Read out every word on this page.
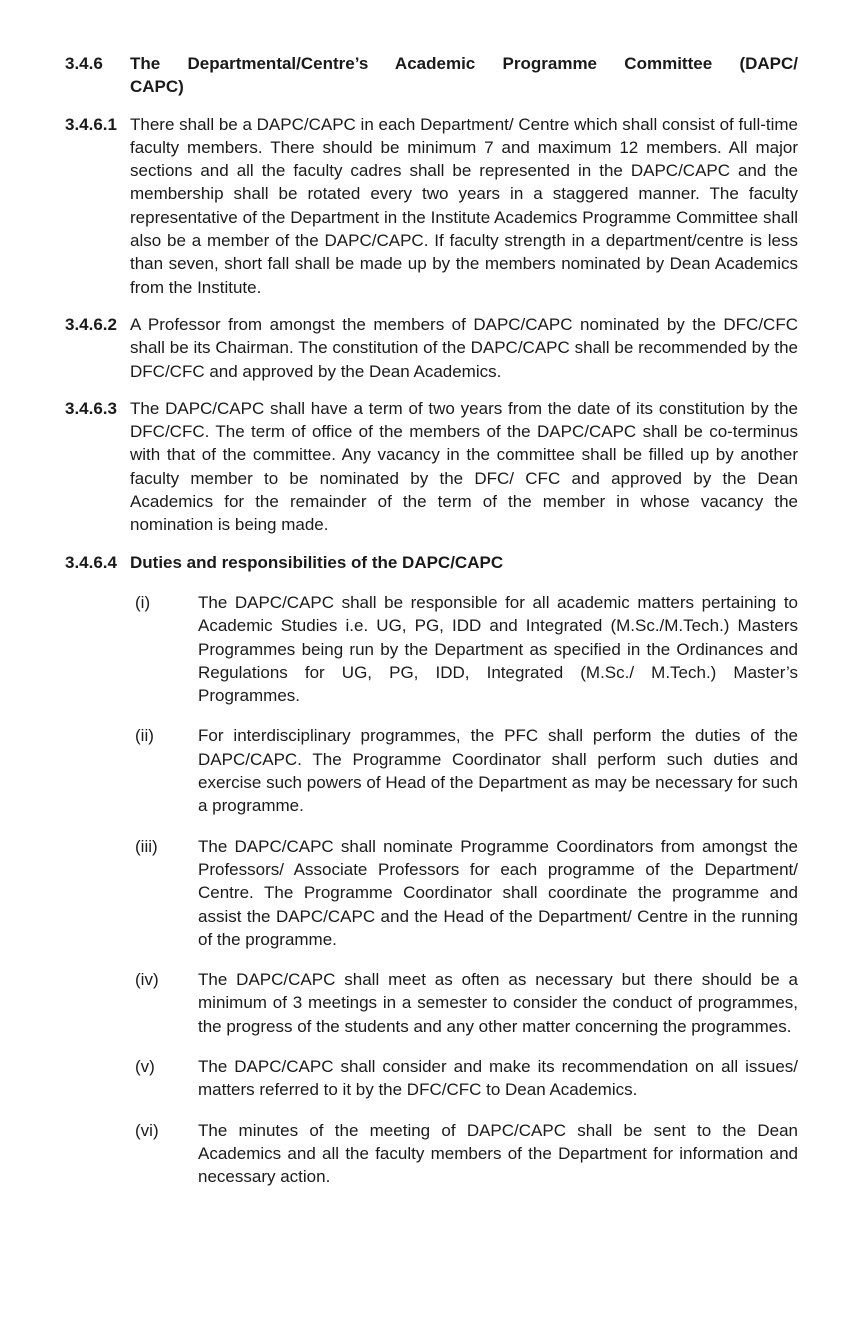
3.4.6	The Departmental/Centre’s Academic Programme Committee (DAPC/
CAPC)
3.4.6.1 There shall be a DAPC/CAPC in each Department/ Centre which shall consist of full-time faculty members. There should be minimum 7 and maximum 12 members. All major sections and all the faculty cadres shall be represented in the DAPC/CAPC and the membership shall be rotated every two years in a staggered manner. The faculty representative of the Department in the Institute Academics Programme Committee shall also be a member of the DAPC/CAPC. If faculty strength in a department/centre is less than seven, short fall shall be made up by the members nominated by Dean Academics from the Institute.
3.4.6.2 A Professor from amongst the members of DAPC/CAPC nominated by the DFC/CFC shall be its Chairman. The constitution of the DAPC/CAPC shall be recommended by the DFC/CFC and approved by the Dean Academics.
3.4.6.3 The DAPC/CAPC shall have a term of two years from the date of its constitution by the DFC/CFC. The term of office of the members of the DAPC/CAPC shall be co-terminus with that of the committee. Any vacancy in the committee shall be filled up by another faculty member to be nominated by the DFC/ CFC and approved by the Dean Academics for the remainder of the term of the member in whose vacancy the nomination is being made.
3.4.6.4 Duties and responsibilities of the DAPC/CAPC
(i)	The DAPC/CAPC shall be responsible for all academic matters pertaining to Academic Studies i.e. UG, PG, IDD and Integrated (M.Sc./M.Tech.) Masters Programmes being run by the Department as specified in the Ordinances and Regulations for UG, PG, IDD, Integrated (M.Sc./ M.Tech.) Master’s Programmes.
(ii)	For interdisciplinary programmes, the PFC shall perform the duties of the DAPC/CAPC. The Programme Coordinator shall perform such duties and exercise such powers of Head of the Department as may be necessary for such a programme.
(iii)	The DAPC/CAPC shall nominate Programme Coordinators from amongst the Professors/ Associate Professors for each programme of the Department/ Centre. The Programme Coordinator shall coordinate the programme and assist the DAPC/CAPC and the Head of the Department/ Centre in the running of the programme.
(iv)	The DAPC/CAPC shall meet as often as necessary but there should be a minimum of 3 meetings in a semester to consider the conduct of programmes, the progress of the students and any other matter concerning the programmes.
(v)	The DAPC/CAPC shall consider and make its recommendation on all issues/ matters referred to it by the DFC/CFC to Dean Academics.
(vi)	The minutes of the meeting of DAPC/CAPC shall be sent to the Dean Academics and all the faculty members of the Department for information and necessary action.
